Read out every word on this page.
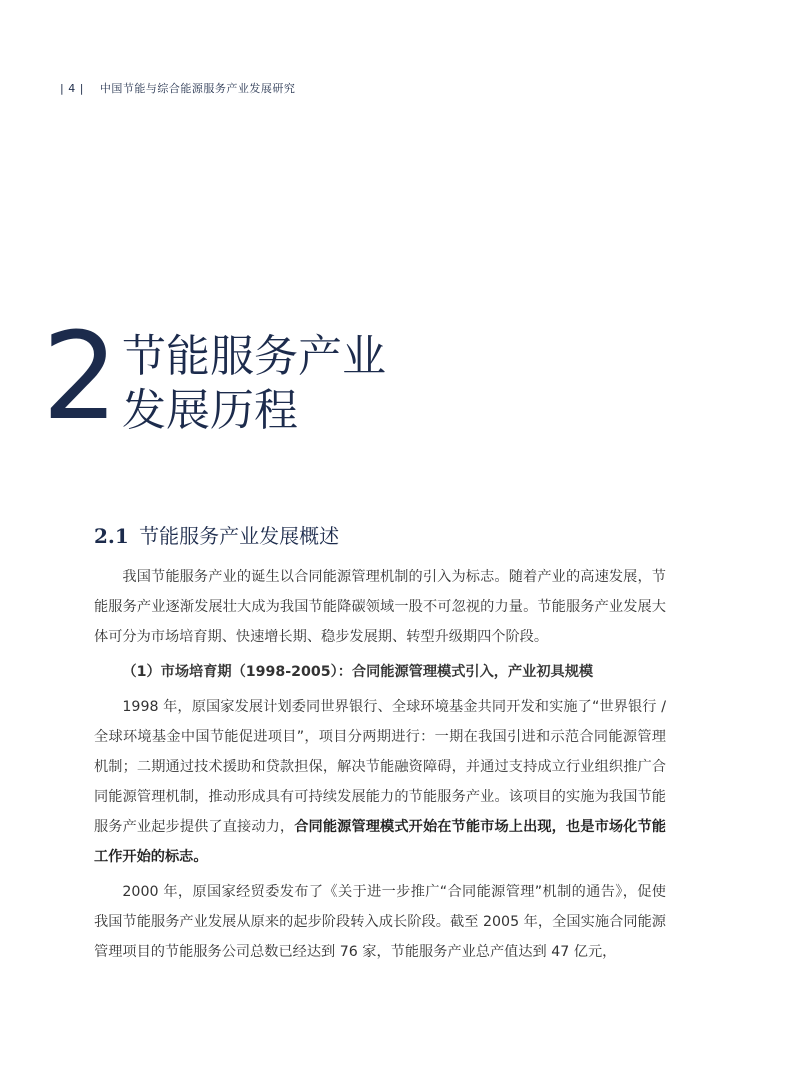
| 4 | 中国节能与综合能源服务产业发展研究
2 节能服务产业
发展历程
2.1 节能服务产业发展概述

我国节能服务产业的诞生以合同能源管理机制的引入为标志。随着产业的高速发展，节能服务产业逐渐发展壮大成为我国节能降碳领域一股不可忽视的力量。节能服务产业发展大体可分为市场培育期、快速增长期、稳步发展期、转型升级期四个阶段。

（1）市场培育期（1998-2005）：合同能源管理模式引入，产业初具规模

1998 年，原国家发展计划委同世界银行、全球环境基金共同开发和实施了“世界银行 / 全球环境基金中国节能促进项目”，项目分两期进行：一期在我国引进和示范合同能源管理机制；二期通过技术援助和贷款担保，解决节能融资障碍，并通过支持成立行业组织推广合同能源管理机制，推动形成具有可持续发展能力的节能服务产业。该项目的实施为我国节能服务产业起步提供了直接动力，合同能源管理模式开始在节能市场上出现，也是市场化节能工作开始的标志。

2000 年，原国家经贸委发布了《关于进一步推广“合同能源管理”机制的通告》，促使我国节能服务产业发展从原来的起步阶段转入成长阶段。截至 2005 年，全国实施合同能源管理项目的节能服务公司总数已经达到 76 家，节能服务产业总产值达到 47 亿元，
